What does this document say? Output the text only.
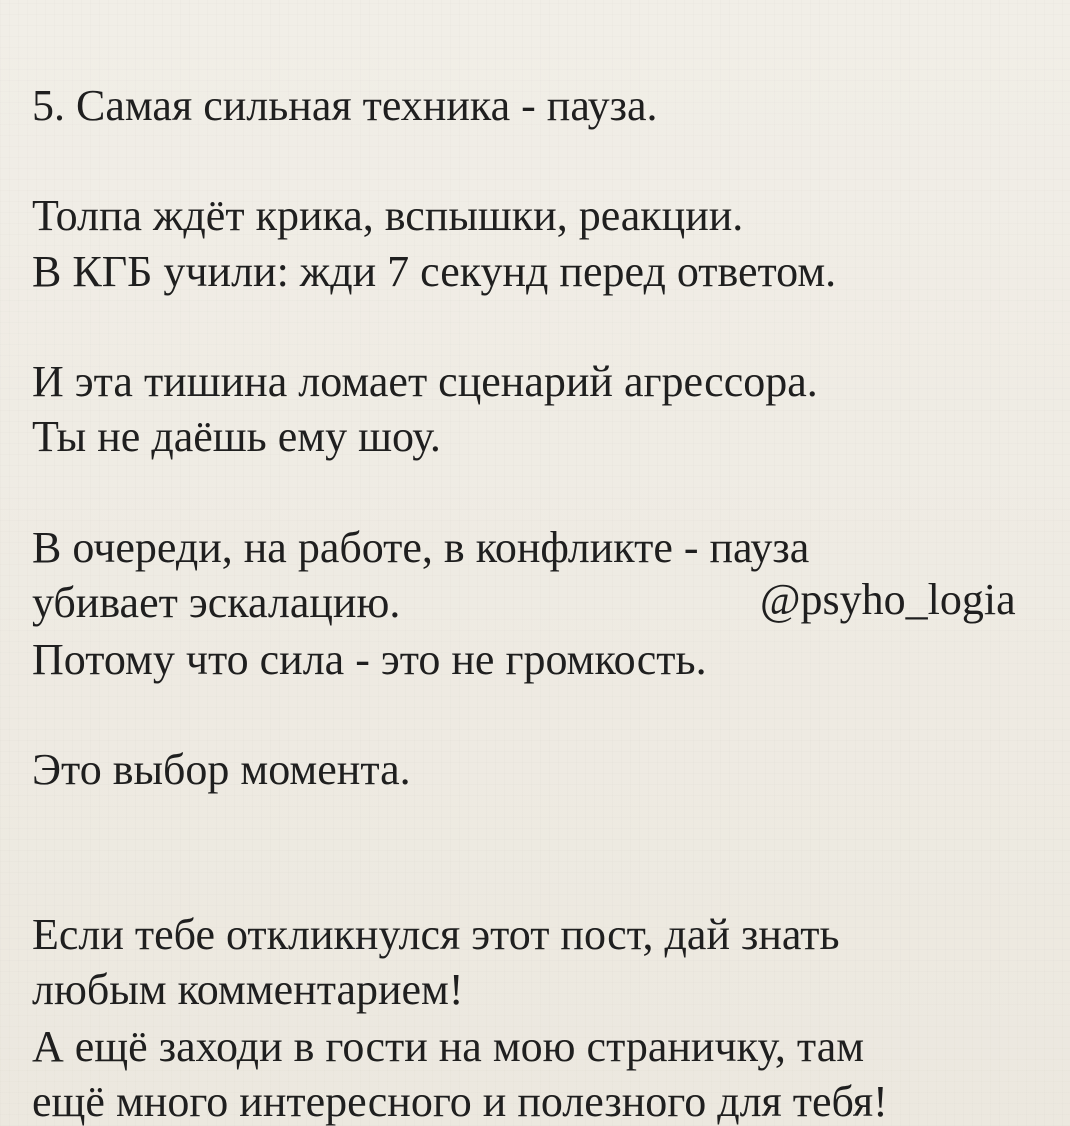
5. Самая сильная техника - пауза.

Толпа ждёт крика, вспышки, реакции.

В КГБ учили: жди 7 секунд перед ответом.

И эта тишина ломает сценарий агрессора.

Ты не даёшь ему шоу.

В очереди, на работе, в конфликте - пауза

убивает эскалацию.	@psyho_logia

Потому что сила - это не громкость.

Это выбор момента.

Если тебе откликнулся этот пост, дай знать

любым комментарием!

А ещё заходи в гости на мою страничку, там

ещё много интересного и полезного для тебя!
